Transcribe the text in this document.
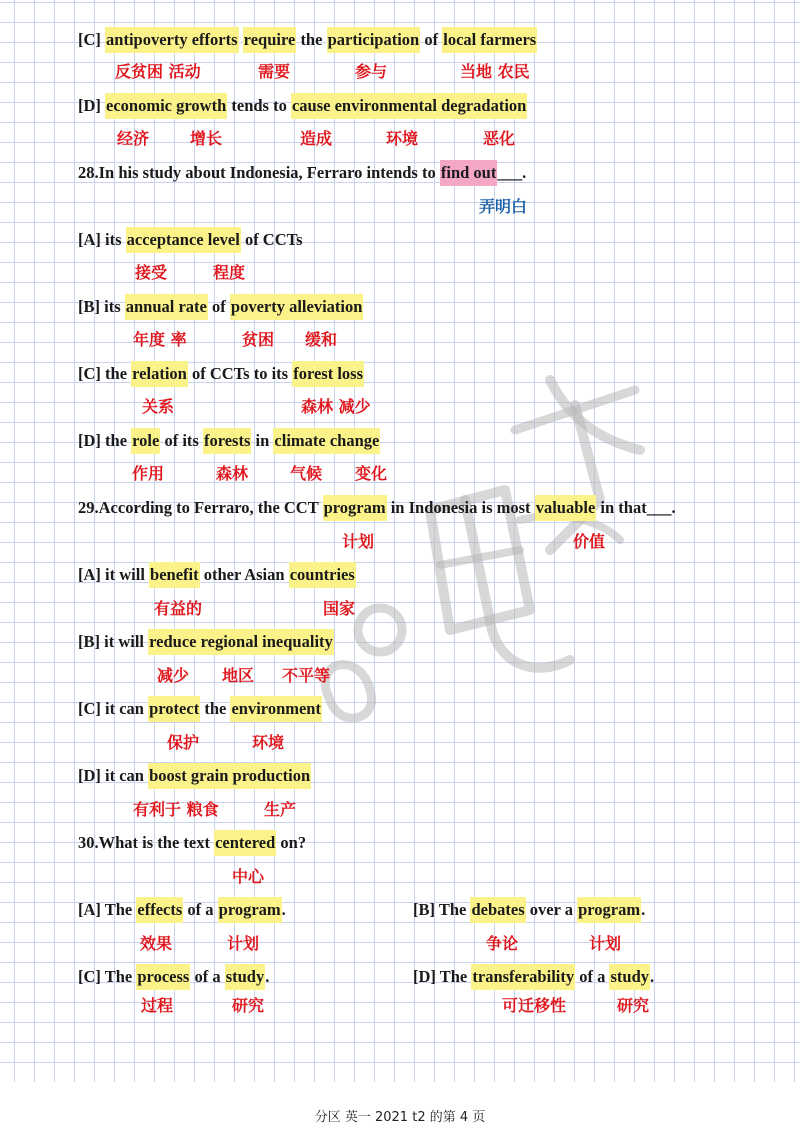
[C] antipoverty efforts require the participation of local farmers
反贫困 活动	需要	参与	当地 农民
[D] economic growth tends to cause environmental degradation
经济	增长	造成	环境	恶化
28.In his study about Indonesia, Ferraro intends to find out___.
弄明白
[A] its acceptance level of CCTs
接受	程度
[B] its annual rate of poverty alleviation
年度 率	贫困 缓和
[C] the relation of CCTs to its forest loss
关系	森林 减少
[D] the role of its forests in climate change
作用	森林	气候 变化
29.According to Ferraro, the CCT program in Indonesia is most valuable in that___.
计划	价值
[A] it will benefit other Asian countries
有益的	国家
[B] it will reduce regional inequality
减少 地区 不平等
[C] it can protect the environment
保护	环境
[D] it can boost grain production
有利于 粮食	生产
30.What is the text centered on?
中心
[A] The effects of a program.	[B] The debates over a program.
效果	计划	争论	计划
[C] The process of a study.	[D] The transferability of a study.
过程	研究	可迁移性	研究
分区 英一 2021 t2 的第 4 页
